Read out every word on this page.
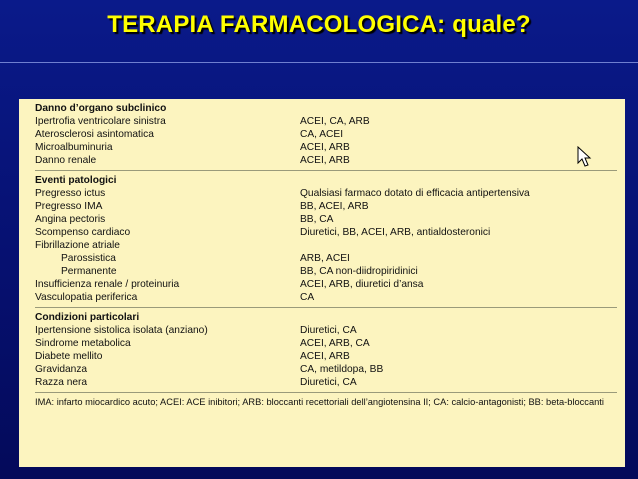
TERAPIA FARMACOLOGICA: quale?
Danno d’organo subclinico
Ipertrofia ventricolare sinistra	ACEI, CA, ARB
Aterosclerosi asintomatica	CA, ACEI
Microalbuminuria	ACEI, ARB
Danno renale	ACEI, ARB
Eventi patologici
Pregresso ictus	Qualsiasi farmaco dotato di efficacia antipertensiva
Pregresso IMA	BB, ACEI, ARB
Angina pectoris	BB, CA
Scompenso cardiaco	Diuretici, BB, ACEI, ARB, antialdosteronici
Fibrillazione atriale
Parossistica	ARB, ACEI
Permanente	BB, CA non-diidropiridinici
Insufficienza renale / proteinuria	ACEI, ARB, diuretici d’ansa
Vasculopatia periferica	CA
Condizioni particolari
Ipertensione sistolica isolata (anziano)	Diuretici, CA
Sindrome metabolica	ACEI, ARB, CA
Diabete mellito	ACEI, ARB
Gravidanza	CA, metildopa, BB
Razza nera	Diuretici, CA
IMA: infarto miocardico acuto; ACEI: ACE inibitori; ARB: bloccanti recettoriali dell’angiotensina II; CA: calcio-antagonisti; BB: beta-bloccanti
